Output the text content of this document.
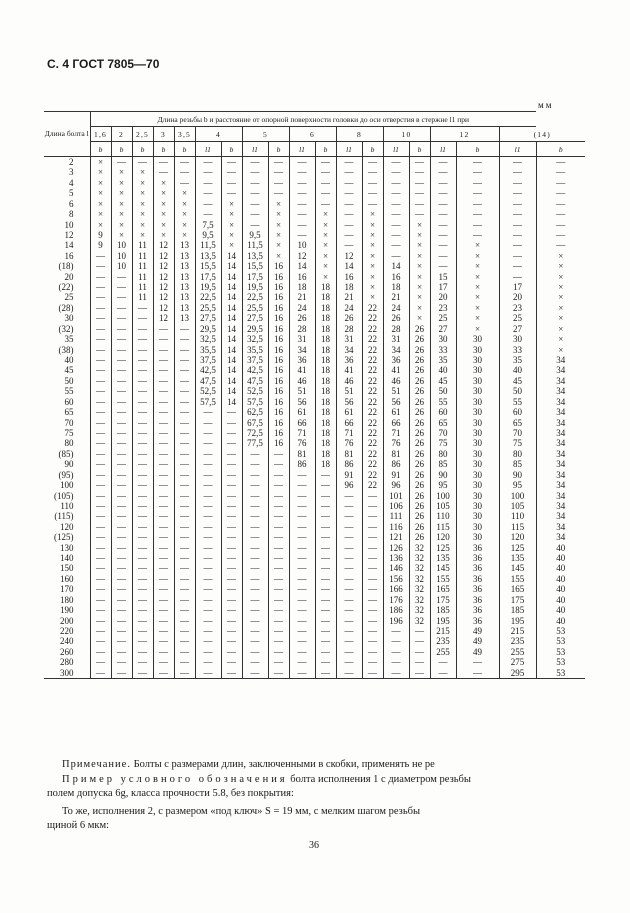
С. 4 ГОСТ 7805—70
мм
Длина болта l	Длина резьбы b и расстояние от опорной поверхности головки до оси отверстия в стержне l1 при																		
	1,6	2	2,5	3	3,5	4		5		6		8		10		12		(14)	
	b	b	b	b	b	l1	b	l1	b	l1	b	l1	b	l1	b	l1	b	l1	b
2	×	—	—	—	—	—	—	—	—	—	—	—	—	—	—	—	—	—	—
3	×	×	×	—	—	—	—	—	—	—	—	—	—	—	—	—	—	—	—
4	×	×	×	×	—	—	—	—	—	—	—	—	—	—	—	—	—	—	—
5	×	×	×	×	×	—	—	—	—	—	—	—	—	—	—	—	—	—	—
6	×	×	×	×	×	—	×	—	×	—	—	—	—	—	—	—	—	—	—
8	×	×	×	×	×	—	×	—	×	—	×	—	×	—	—	—	—	—	—
10	×	×	×	×	×	7,5	×	—	×	—	×	—	×	—	×	—	—	—	—
12	9	×	×	×	×	9,5	×	9,5	×	—	×	—	×	—	×	—	—	—	—
14	9	10	11	12	13	11,5	×	11,5	×	10	×	—	×	—	×	—	×	—	—
16	—	10	11	12	13	13,5	14	13,5	×	12	×	12	×	—	×	—	×	—	×
(18)	—	10	11	12	13	15,5	14	15,5	16	14	×	14	×	14	×	—	×	—	×
20	—	—	11	12	13	17,5	14	17,5	16	16	×	16	×	16	×	15	×	—	×
(22)	—	—	11	12	13	19,5	14	19,5	16	18	18	18	×	18	×	17	×	17	×
25	—	—	11	12	13	22,5	14	22,5	16	21	18	21	×	21	×	20	×	20	×
(28)	—	—	—	12	13	25,5	14	25,5	16	24	18	24	22	24	×	23	×	23	×
30	—	—	—	12	13	27,5	14	27,5	16	26	18	26	22	26	×	25	×	25	×
(32)	—	—	—	—	—	29,5	14	29,5	16	28	18	28	22	28	26	27	×	27	×
35	—	—	—	—	—	32,5	14	32,5	16	31	18	31	22	31	26	30	30	30	×
(38)	—	—	—	—	—	35,5	14	35,5	16	34	18	34	22	34	26	33	30	33	×
40	—	—	—	—	—	37,5	14	37,5	16	36	18	36	22	36	26	35	30	35	34
45	—	—	—	—	—	42,5	14	42,5	16	41	18	41	22	41	26	40	30	40	34
50	—	—	—	—	—	47,5	14	47,5	16	46	18	46	22	46	26	45	30	45	34
55	—	—	—	—	—	52,5	14	52,5	16	51	18	51	22	51	26	50	30	50	34
60	—	—	—	—	—	57,5	14	57,5	16	56	18	56	22	56	26	55	30	55	34
65	—	—	—	—	—	—	—	62,5	16	61	18	61	22	61	26	60	30	60	34
70	—	—	—	—	—	—	—	67,5	16	66	18	66	22	66	26	65	30	65	34
75	—	—	—	—	—	—	—	72,5	16	71	18	71	22	71	26	70	30	70	34
80	—	—	—	—	—	—	—	77,5	16	76	18	76	22	76	26	75	30	75	34
(85)	—	—	—	—	—	—	—	—	—	81	18	81	22	81	26	80	30	80	34
90	—	—	—	—	—	—	—	—	—	86	18	86	22	86	26	85	30	85	34
(95)	—	—	—	—	—	—	—	—	—	—	—	91	22	91	26	90	30	90	34
100	—	—	—	—	—	—	—	—	—	—	—	96	22	96	26	95	30	95	34
(105)	—	—	—	—	—	—	—	—	—	—	—	—	—	101	26	100	30	100	34
110	—	—	—	—	—	—	—	—	—	—	—	—	—	106	26	105	30	105	34
(115)	—	—	—	—	—	—	—	—	—	—	—	—	—	111	26	110	30	110	34
120	—	—	—	—	—	—	—	—	—	—	—	—	—	116	26	115	30	115	34
(125)	—	—	—	—	—	—	—	—	—	—	—	—	—	121	26	120	30	120	34
130	—	—	—	—	—	—	—	—	—	—	—	—	—	126	32	125	36	125	40
140	—	—	—	—	—	—	—	—	—	—	—	—	—	136	32	135	36	135	40
150	—	—	—	—	—	—	—	—	—	—	—	—	—	146	32	145	36	145	40
160	—	—	—	—	—	—	—	—	—	—	—	—	—	156	32	155	36	155	40
170	—	—	—	—	—	—	—	—	—	—	—	—	—	166	32	165	36	165	40
180	—	—	—	—	—	—	—	—	—	—	—	—	—	176	32	175	36	175	40
190	—	—	—	—	—	—	—	—	—	—	—	—	—	186	32	185	36	185	40
200	—	—	—	—	—	—	—	—	—	—	—	—	—	196	32	195	36	195	40
220	—	—	—	—	—	—	—	—	—	—	—	—	—	—	—	215	49	215	53
240	—	—	—	—	—	—	—	—	—	—	—	—	—	—	—	235	49	235	53
260	—	—	—	—	—	—	—	—	—	—	—	—	—	—	—	255	49	255	53
280	—	—	—	—	—	—	—	—	—	—	—	—	—	—	—	—	—	275	53
300	—	—	—	—	—	—	—	—	—	—	—	—	—	—	—	—	—	295	53
Примечание. Болты с размерами длин, заключенными в скобки, применять не ре
Пример условного обозначения болта исполнения 1 с диаметром резьбы
полем допуска 6g, класса прочности 5.8, без покрытия:
То же, исполнения 2, с размером «под ключ» S = 19 мм, с мелким шагом резьбы
щиной 6 мкм:
36
